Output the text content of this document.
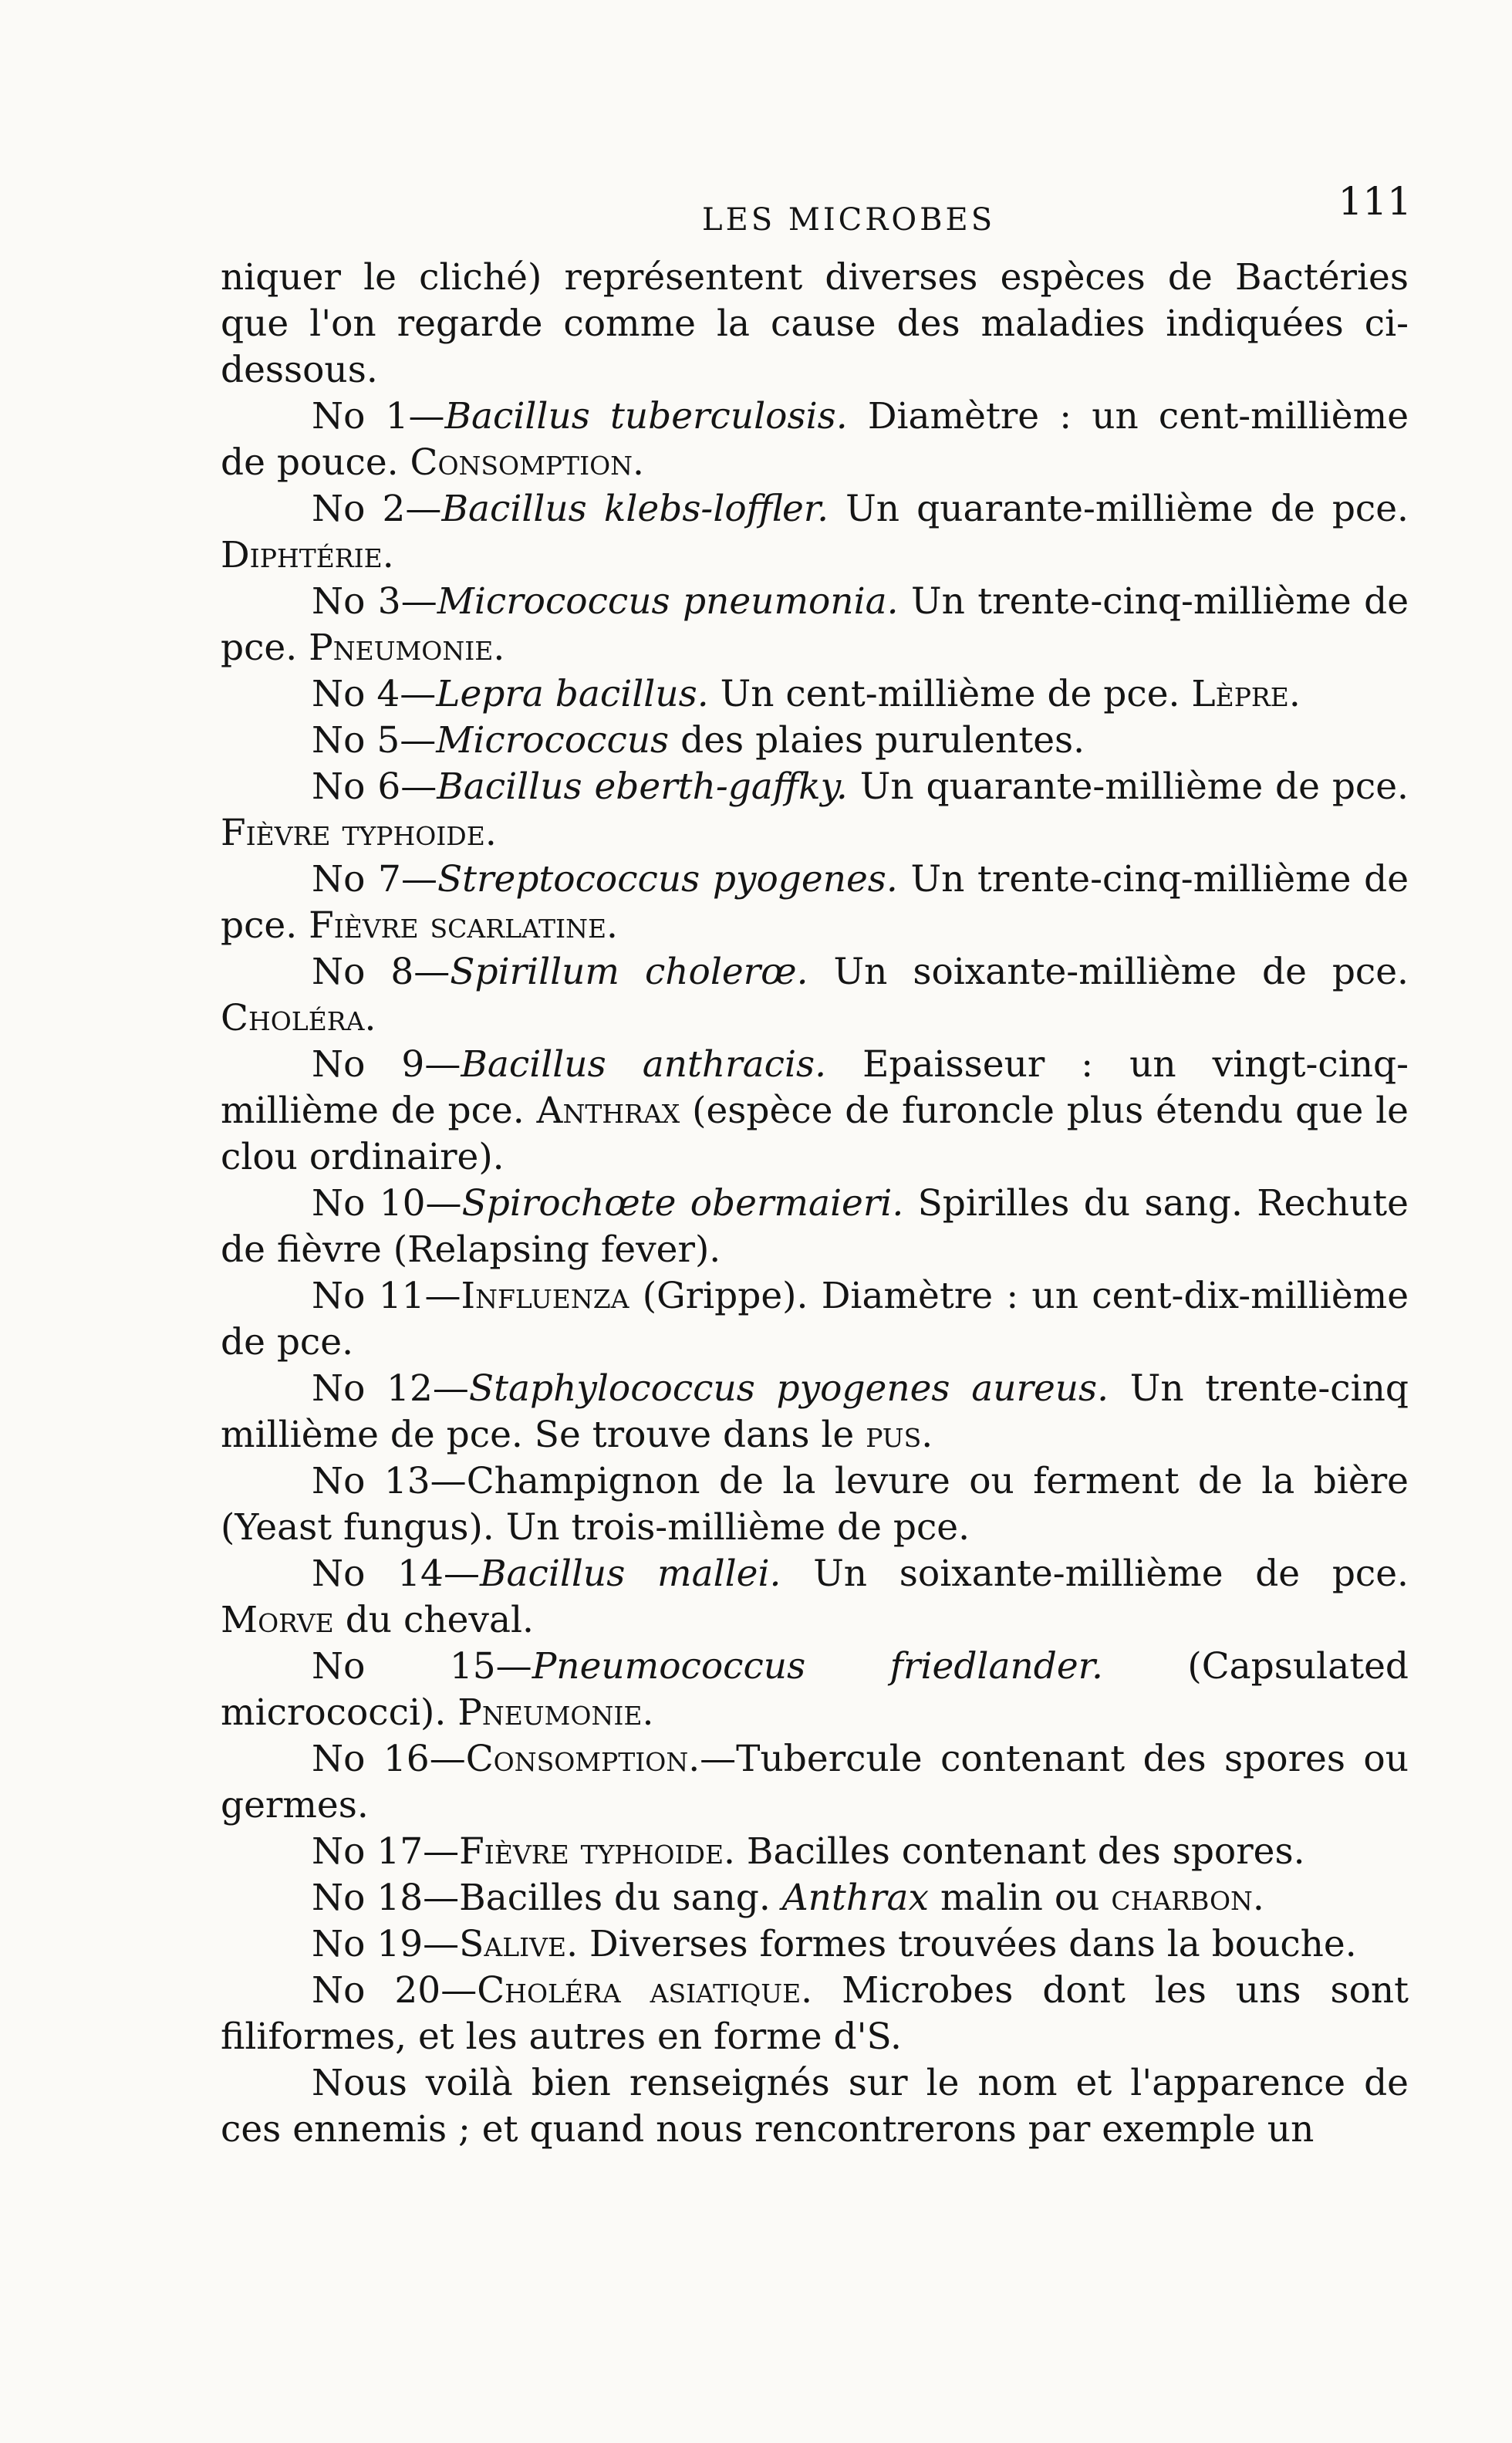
LES MICROBES	111

niquer le cliché) représentent diverses espèces de Bactéries que l'on regarde comme la cause des maladies indiquées ci-dessous.

No 1—Bacillus tuberculosis. Diamètre : un cent-millième de pouce. Consomption.

No 2—Bacillus klebs-loffler. Un quarante-millième de pce. Diphtérie.

No 3—Micrococcus pneumonia. Un trente-cinq-millième de pce. Pneumonie.

No 4—Lepra bacillus. Un cent-millième de pce. Lèpre.

No 5—Micrococcus des plaies purulentes.

No 6—Bacillus eberth-gaffky. Un quarante-millième de pce. Fièvre typhoide.

No 7—Streptococcus pyogenes. Un trente-cinq-millième de pce. Fièvre scarlatine.

No 8—Spirillum cholerœ. Un soixante-millième de pce. Choléra.

No 9—Bacillus anthracis. Epaisseur : un vingt-cinq-millième de pce. Anthrax (espèce de furoncle plus étendu que le clou ordinaire).

No 10—Spirochœte obermaieri. Spirilles du sang. Rechute de fièvre (Relapsing fever).

No 11—Influenza (Grippe). Diamètre : un cent-dix-millième de pce.

No 12—Staphylococcus pyogenes aureus. Un trente-cinq millième de pce. Se trouve dans le pus.

No 13—Champignon de la levure ou ferment de la bière (Yeast fungus). Un trois-millième de pce.

No 14—Bacillus mallei. Un soixante-millième de pce. Morve du cheval.

No 15—Pneumococcus friedlander. (Capsulated micrococci). Pneumonie.

No 16—Consomption.—Tubercule contenant des spores ou germes.

No 17—Fièvre typhoide. Bacilles contenant des spores.

No 18—Bacilles du sang. Anthrax malin ou charbon.

No 19—Salive. Diverses formes trouvées dans la bouche.

No 20—Choléra asiatique. Microbes dont les uns sont filiformes, et les autres en forme d'S.

Nous voilà bien renseignés sur le nom et l'apparence de ces ennemis ; et quand nous rencontrerons par exemple un
